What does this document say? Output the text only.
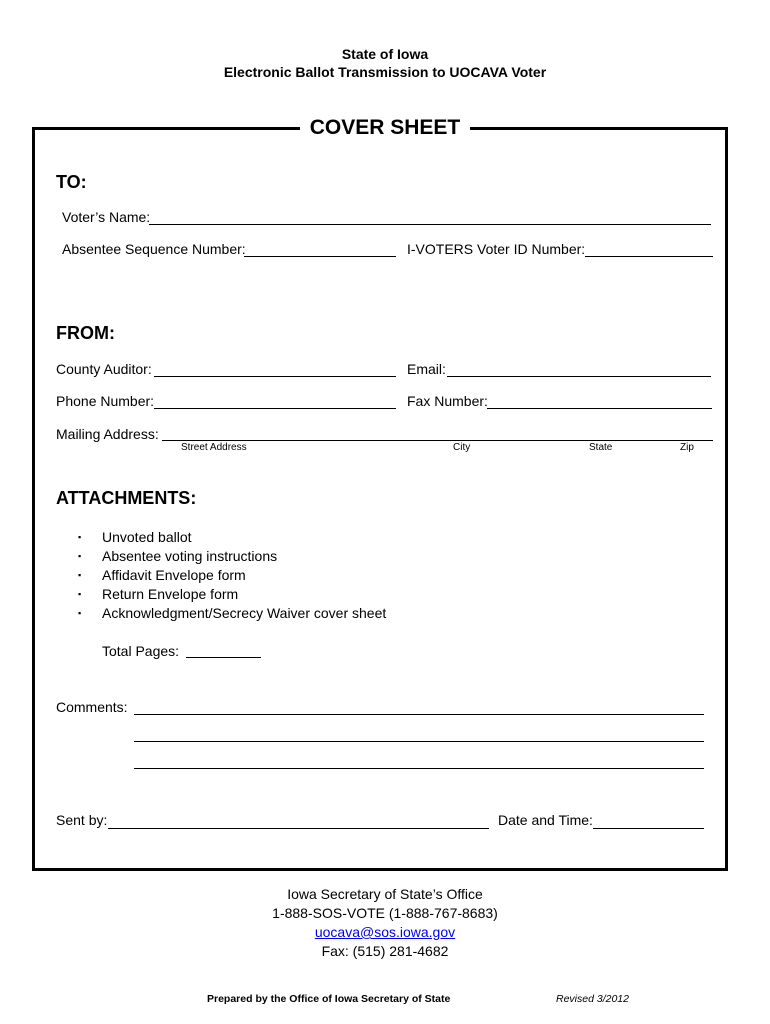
State of Iowa
Electronic Ballot Transmission to UOCAVA Voter
COVER SHEET
TO:
Voter’s Name:
Absentee Sequence Number:	I-VOTERS Voter ID Number:
FROM:
County Auditor:	Email:
Phone Number:	Fax Number:
Mailing Address:
Street Address	City	State	Zip
ATTACHMENTS:
▪ Unvoted ballot
▪ Absentee voting instructions
▪ Affidavit Envelope form
▪ Return Envelope form
▪ Acknowledgment/Secrecy Waiver cover sheet
Total Pages:
Comments:
Sent by:	Date and Time:
Iowa Secretary of State’s Office
1-888-SOS-VOTE (1-888-767-8683)
uocava@sos.iowa.gov
Fax: (515) 281-4682
Prepared by the Office of Iowa Secretary of State	Revised 3/2012
